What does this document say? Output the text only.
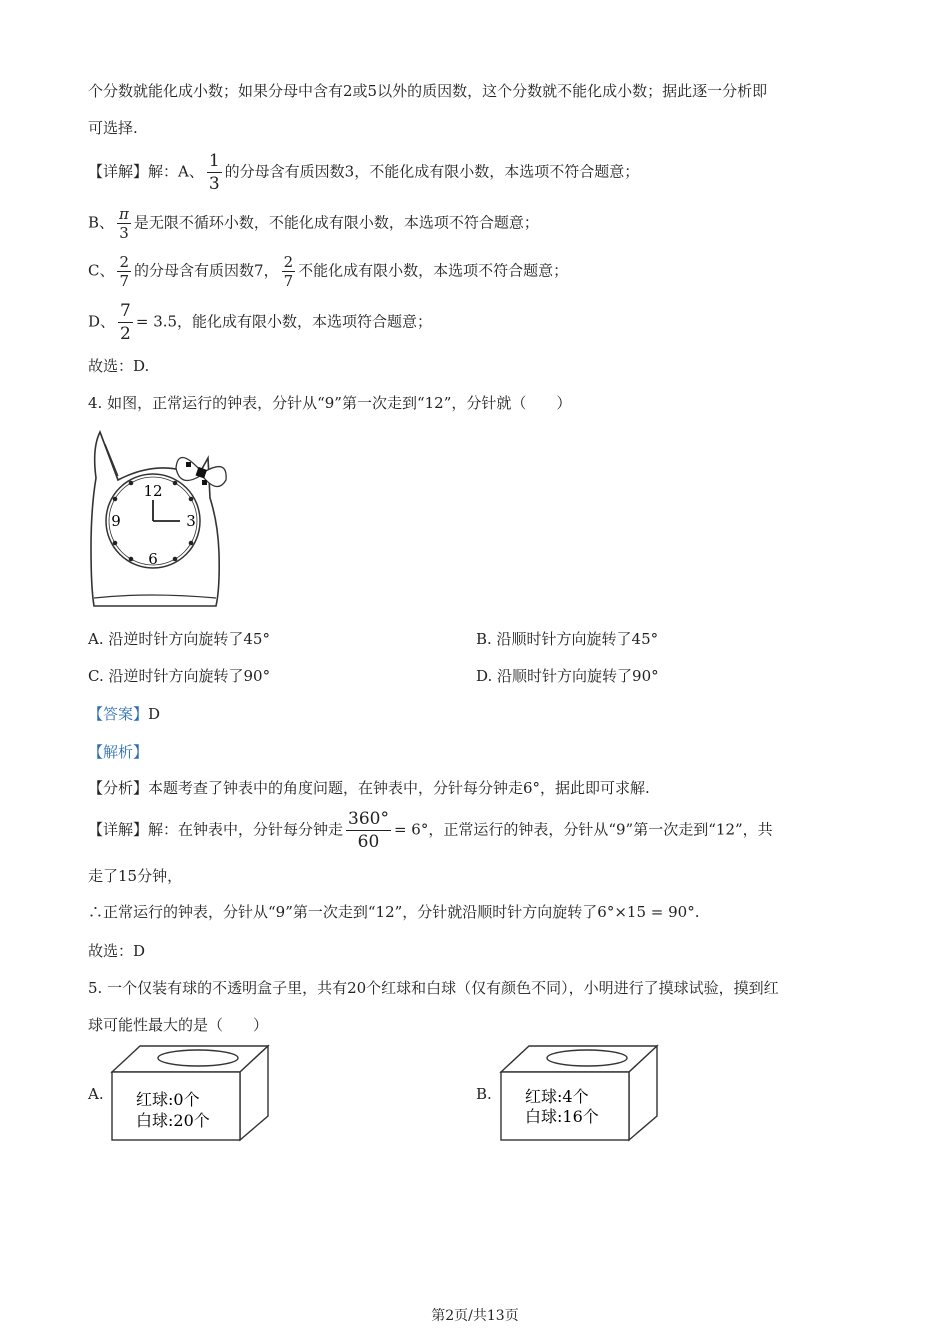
个分数就能化成小数；如果分母中含有2或5以外的质因数，这个分数就不能化成小数；据此逐一分析即
可选择.
【详解】解：A、 $\frac{1}{3}$ 的分母含有质因数3，不能化成有限小数，本选项不符合题意；
B、 $\frac{\pi}{3}$ 是无限不循环小数，不能化成有限小数，本选项不符合题意；
C、 $\frac{2}{7}$ 的分母含有质因数7， $\frac{2}{7}$ 不能化成有限小数，本选项不符合题意；
D、 $\frac{7}{2} = 3.5$，能化成有限小数，本选项符合题意；
故选：D.
4. 如图，正常运行的钟表，分针从“9”第一次走到“12”，分针就（　　）
12
3
6
9
A. 沿逆时针方向旋转了45°	B. 沿顺时针方向旋转了45°
C. 沿逆时针方向旋转了90°	D. 沿顺时针方向旋转了90°
【答案】D
【解析】
【分析】本题考查了钟表中的角度问题，在钟表中，分针每分钟走6°，据此即可求解.
【详解】解：在钟表中，分针每分钟走 $\frac{360^\circ}{60} = 6^\circ$，正常运行的钟表，分针从“9”第一次走到“12”，共
走了15分钟，
∴正常运行的钟表，分针从“9”第一次走到“12”，分针就沿顺时针方向旋转了6°×15 = 90°.
故选：D
5. 一个仅装有球的不透明盒子里，共有20个红球和白球（仅有颜色不同），小明进行了摸球试验，摸到红
球可能性最大的是（　　）
A. 红球:0个
白球:20个
B. 红球:4个
白球:16个
第2页/共13页
